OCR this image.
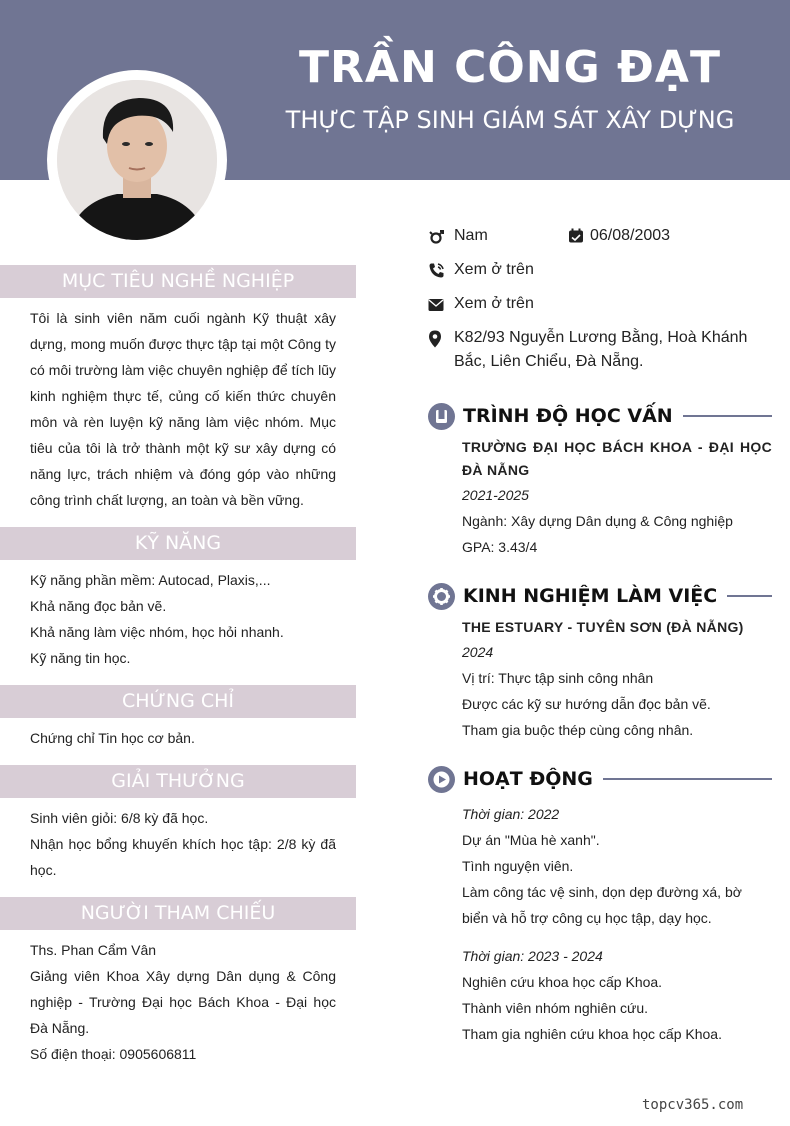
TRẦN CÔNG ĐẠT
THỰC TẬP SINH GIÁM SÁT XÂY DỰNG
MỤC TIÊU NGHỀ NGHIỆP
Tôi là sinh viên năm cuối ngành Kỹ thuật xây dựng, mong muốn được thực tập tại một Công ty có môi trường làm việc chuyên nghiệp để tích lũy kinh nghiệm thực tế, củng cố kiến thức chuyên môn và rèn luyện kỹ năng làm việc nhóm. Mục tiêu của tôi là trở thành một kỹ sư xây dựng có năng lực, trách nhiệm và đóng góp vào những công trình chất lượng, an toàn và bền vững.
KỸ NĂNG
Kỹ năng phần mềm: Autocad, Plaxis,...
Khả năng đọc bản vẽ.
Khả năng làm việc nhóm, học hỏi nhanh.
Kỹ năng tin học.
CHỨNG CHỈ
Chứng chỉ Tin học cơ bản.
GIẢI THƯỞNG
Sinh viên giỏi: 6/8 kỳ đã học.
Nhận học bổng khuyến khích học tập: 2/8 kỳ đã học.
NGƯỜI THAM CHIẾU
Ths. Phan Cẩm Vân
Giảng viên Khoa Xây dựng Dân dụng & Công nghiệp - Trường Đại học Bách Khoa - Đại học Đà Nẵng.
Số điện thoại: 0905606811
Nam	06/08/2003
Xem ở trên
Xem ở trên
K82/93 Nguyễn Lương Bằng, Hoà Khánh Bắc, Liên Chiểu, Đà Nẵng.
TRÌNH ĐỘ HỌC VẤN
TRƯỜNG ĐẠI HỌC BÁCH KHOA - ĐẠI HỌC ĐÀ NẴNG
2021-2025
Ngành: Xây dựng Dân dụng & Công nghiệp
GPA: 3.43/4
KINH NGHIỆM LÀM VIỆC
THE ESTUARY - TUYÊN SƠN (ĐÀ NẴNG)
2024
Vị trí: Thực tập sinh công nhân
Được các kỹ sư hướng dẫn đọc bản vẽ.
Tham gia buộc thép cùng công nhân.
HOẠT ĐỘNG
Thời gian: 2022
Dự án "Mùa hè xanh".
Tình nguyện viên.
Làm công tác vệ sinh, dọn dẹp đường xá, bờ biển và hỗ trợ công cụ học tập, dạy học.
Thời gian: 2023 - 2024
Nghiên cứu khoa học cấp Khoa.
Thành viên nhóm nghiên cứu.
Tham gia nghiên cứu khoa học cấp Khoa.
topcv365.com
